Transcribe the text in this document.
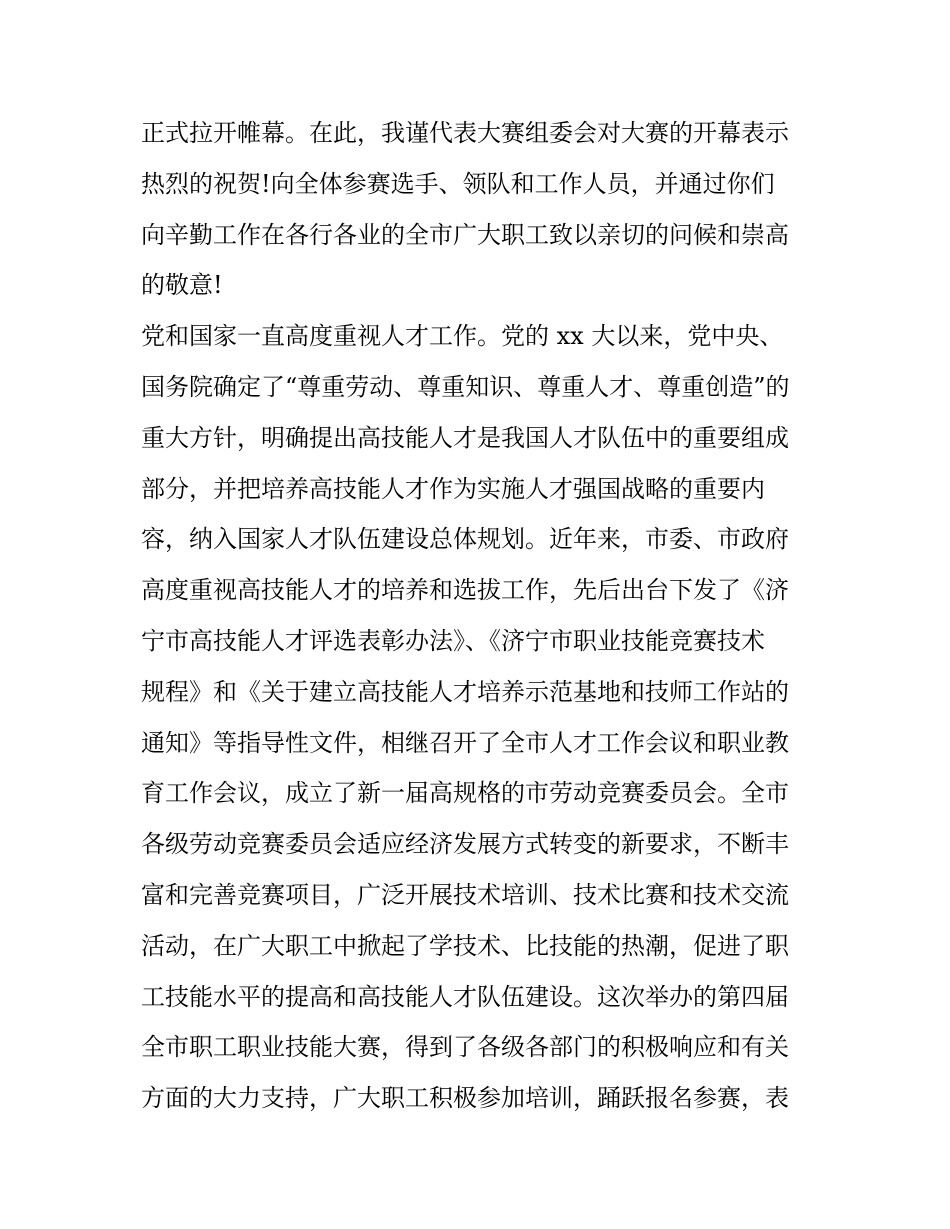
正式拉开帷幕。在此，我谨代表大赛组委会对大赛的开幕表示
热烈的祝贺!向全体参赛选手、领队和工作人员，并通过你们
向辛勤工作在各行各业的全市广大职工致以亲切的问候和崇高
的敬意!
党和国家一直高度重视人才工作。党的 xx 大以来，党中央、
国务院确定了“尊重劳动、尊重知识、尊重人才、尊重创造”的
重大方针，明确提出高技能人才是我国人才队伍中的重要组成
部分，并把培养高技能人才作为实施人才强国战略的重要内
容，纳入国家人才队伍建设总体规划。近年来，市委、市政府
高度重视高技能人才的培养和选拔工作，先后出台下发了《济
宁市高技能人才评选表彰办法》、《济宁市职业技能竞赛技术
规程》和《关于建立高技能人才培养示范基地和技师工作站的
通知》等指导性文件，相继召开了全市人才工作会议和职业教
育工作会议，成立了新一届高规格的市劳动竞赛委员会。全市
各级劳动竞赛委员会适应经济发展方式转变的新要求，不断丰
富和完善竞赛项目，广泛开展技术培训、技术比赛和技术交流
活动，在广大职工中掀起了学技术、比技能的热潮，促进了职
工技能水平的提高和高技能人才队伍建设。这次举办的第四届
全市职工职业技能大赛，得到了各级各部门的积极响应和有关
方面的大力支持，广大职工积极参加培训，踊跃报名参赛，表
